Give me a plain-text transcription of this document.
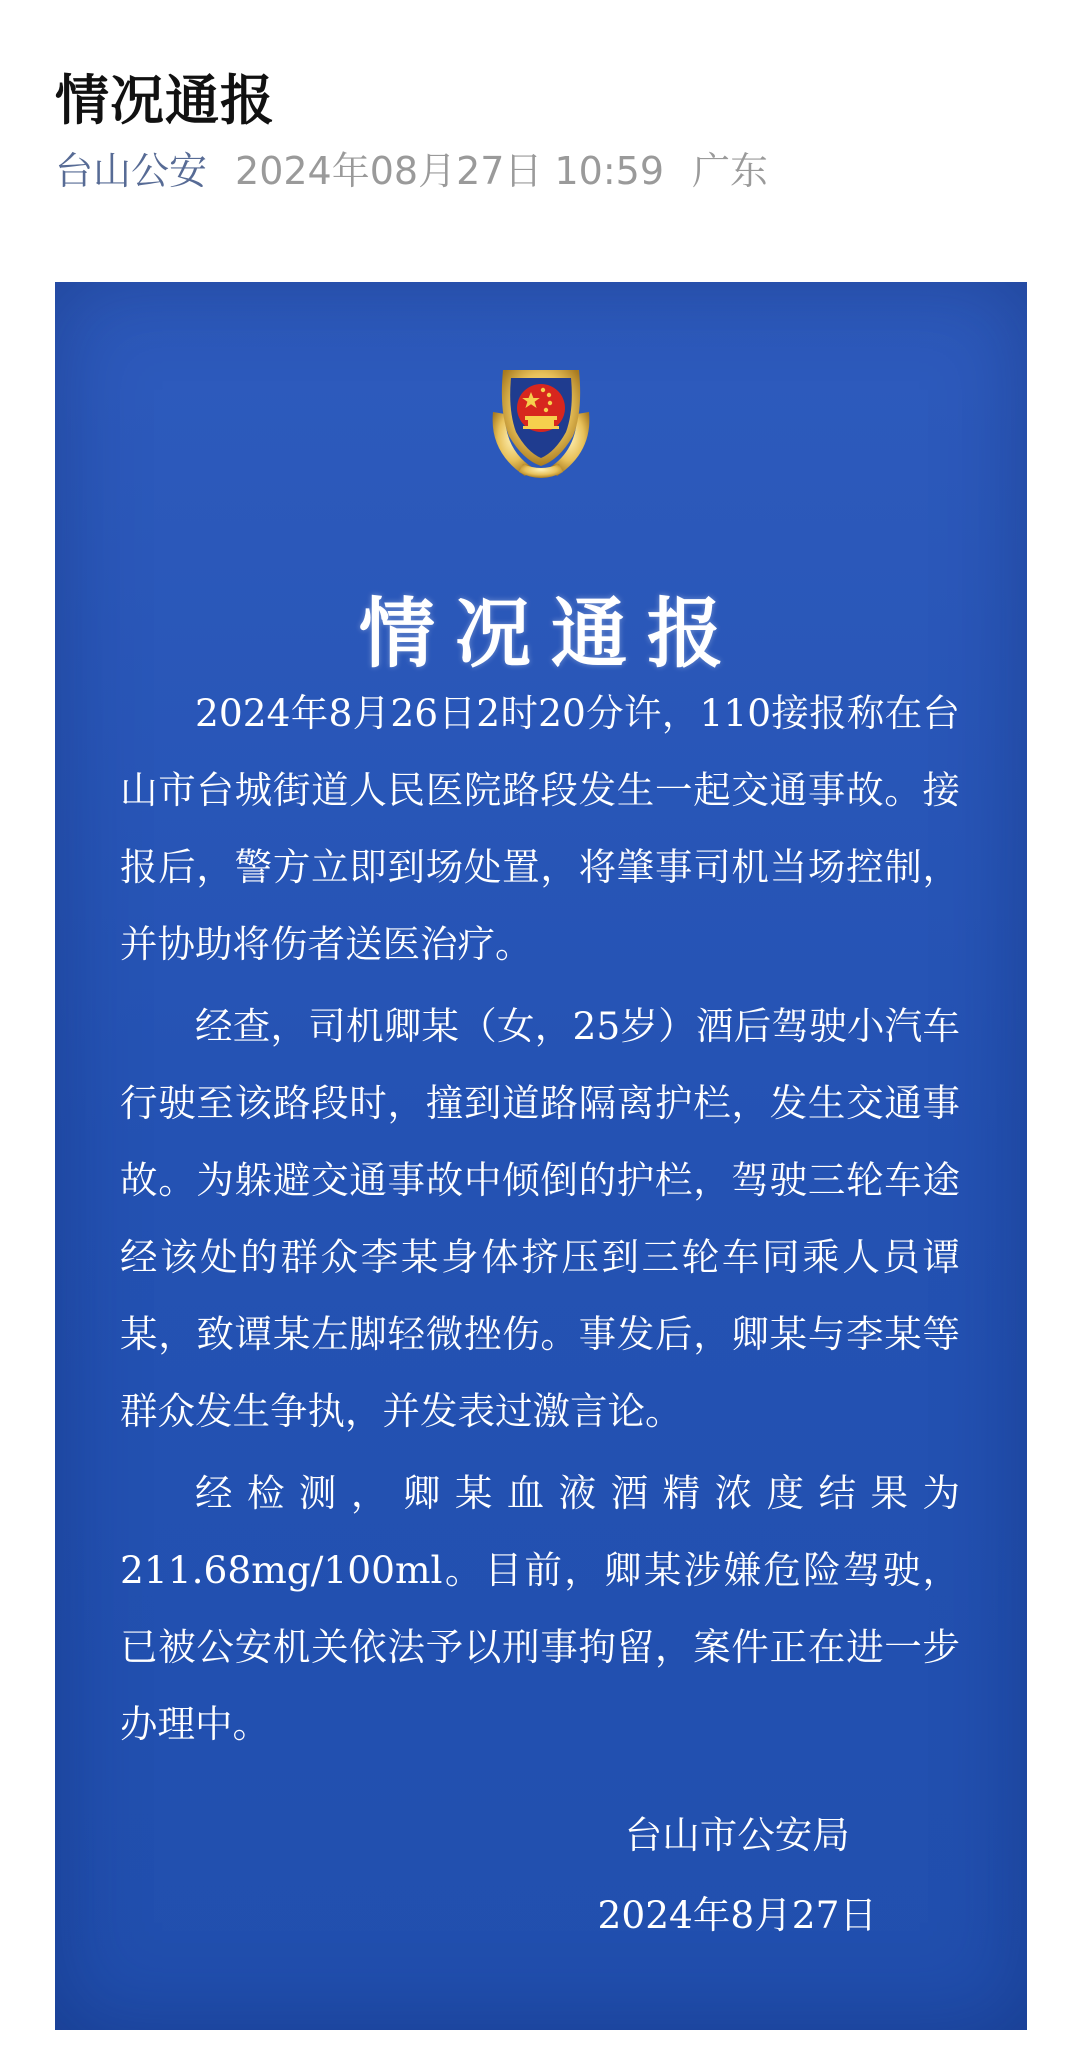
情况通报
台山公安 2024年08月27日 10:59 广东
情况通报

2024年8月26日2时20分许，110接报称在台山市台城街道人民医院路段发生一起交通事故。接报后，警方立即到场处置，将肇事司机当场控制，并协助将伤者送医治疗。

经查，司机卿某（女，25岁）酒后驾驶小汽车行驶至该路段时，撞到道路隔离护栏，发生交通事故。为躲避交通事故中倾倒的护栏，驾驶三轮车途经该处的群众李某身体挤压到三轮车同乘人员谭某，致谭某左脚轻微挫伤。事发后，卿某与李某等群众发生争执，并发表过激言论。

经检测，卿某血液酒精浓度结果为211.68mg/100ml。目前，卿某涉嫌危险驾驶，已被公安机关依法予以刑事拘留，案件正在进一步办理中。

台山市公安局
2024年8月27日
